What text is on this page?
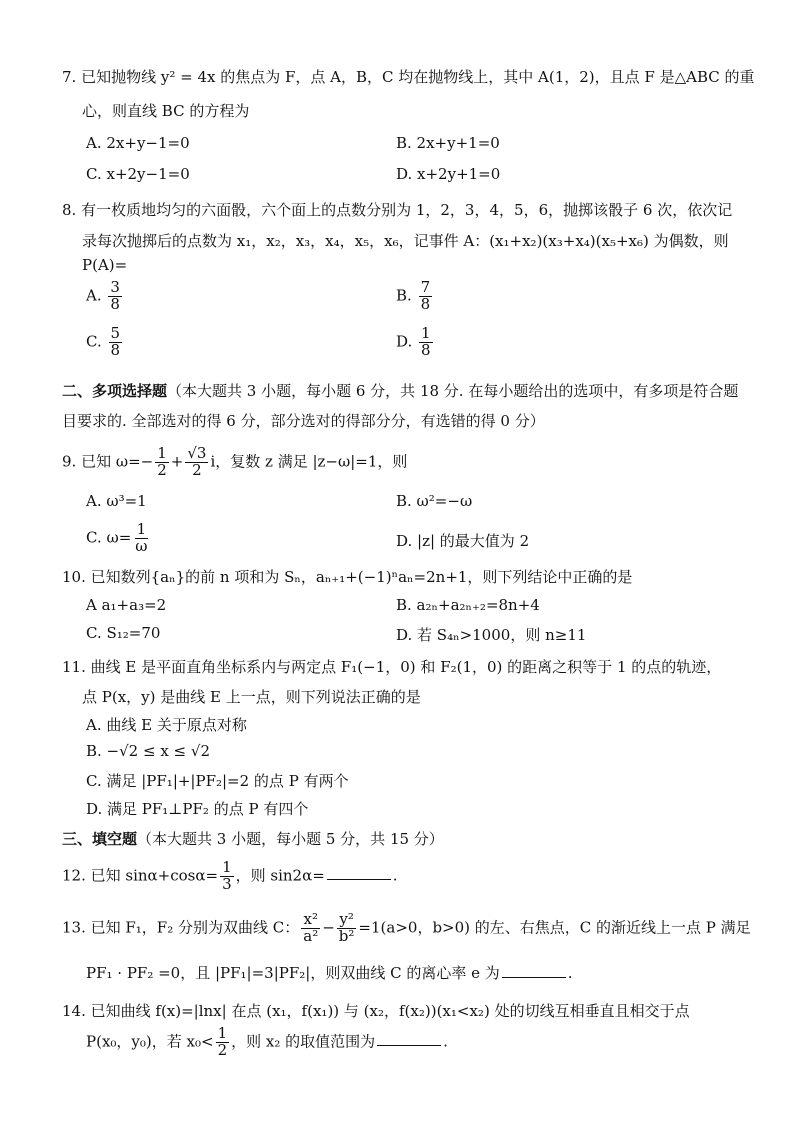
7. 已知抛物线 y² = 4x 的焦点为 F，点 A，B，C 均在抛物线上，其中 A(1，2)，且点 F 是△ABC 的重
心，则直线 BC 的方程为
A. 2x+y−1=0	B. 2x+y+1=0
C. x+2y−1=0	D. x+2y+1=0
8. 有一枚质地均匀的六面骰，六个面上的点数分别为 1，2，3，4，5，6，抛掷该骰子 6 次，依次记
录每次抛掷后的点数为 x₁，x₂，x₃，x₄，x₅，x₆，记事件 A：(x₁+x₂)(x₃+x₄)(x₅+x₆) 为偶数，则
P(A)=
A. $\frac{3}{8}$	B. $\frac{7}{8}$
C. $\frac{5}{8}$	D. $\frac{1}{8}$
二、多项选择题（本大题共 3 小题，每小题 6 分，共 18 分. 在每小题给出的选项中，有多项是符合题
目要求的. 全部选对的得 6 分，部分选对的得部分分，有选错的得 0 分）
9. 已知 $\omega=- \frac{1}{2} + \frac{√3}{2}$ i，复数 z 满足 |z−ω|=1，则
A. ω³=1	B. ω²=−ω
C. $\omega= \frac{1}{\omega}$	D. |z| 的最大值为 2
10. 已知数列{aₙ}的前 n 项和为 Sₙ，aₙ₊₁+(−1)ⁿaₙ=2n+1，则下列结论中正确的是
A a₁+a₃=2	B. a₂ₙ+a₂ₙ₊₂=8n+4
C. S₁₂=70	D. 若 S₄ₙ>1000，则 n≥11
11. 曲线 E 是平面直角坐标系内与两定点 F₁(−1，0) 和 F₂(1，0) 的距离之积等于 1 的点的轨迹，
点 P(x，y) 是曲线 E 上一点，则下列说法正确的是
A. 曲线 E 关于原点对称
B. −√2 ≤ x ≤ √2
C. 满足 |PF₁|+|PF₂|=2 的点 P 有两个
D. 满足 PF₁⊥PF₂ 的点 P 有四个
三、填空题（本大题共 3 小题，每小题 5 分，共 15 分）
12. 已知 $\sin\alpha+\cos\alpha= \frac{1}{3}$ ，则 sin2α=	.
13. 已知 F₁，F₂ 分别为双曲线 C： $\frac{\text{x²}}{\text{a²}} - \frac{\text{y²}}{\text{b²}} =1(a>0$，b>0) 的左、右焦点，C 的渐近线上一点 P 满足
PF₁ · PF₂ =0，且 |PF₁|=3|PF₂|，则双曲线 C 的离心率 e 为	.
14. 已知曲线 f(x)=|lnx| 在点 (x₁，f(x₁)) 与 (x₂，f(x₂))(x₁<x₂) 处的切线互相垂直且相交于点
P(x₀，y₀)，若 $x_0< \frac{1}{2}$ ，则 x₂ 的取值范围为	.
